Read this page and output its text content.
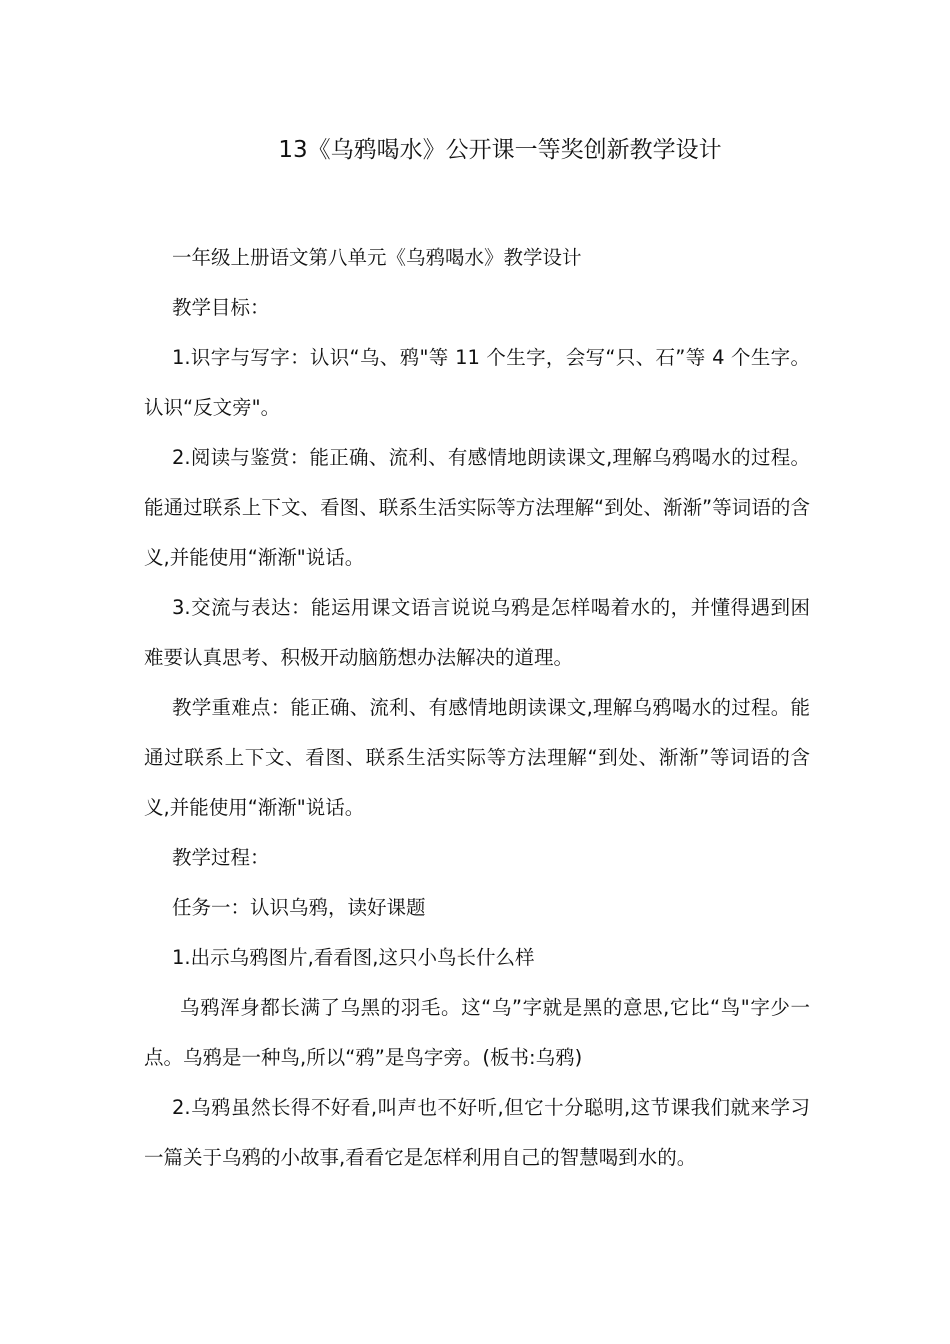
13《乌鸦喝水》公开课一等奖创新教学设计

一年级上册语文第八单元《乌鸦喝水》教学设计

教学目标：

1.识字与写字：认识“乌、鸦"等 11 个生字，会写“只、石”等 4 个生字。认识“反文旁"。

2.阅读与鉴赏：能正确、流利、有感情地朗读课文,理解乌鸦喝水的过程。能通过联系上下文、看图、联系生活实际等方法理解“到处、渐渐”等词语的含义,并能使用“渐渐"说话。

3.交流与表达：能运用课文语言说说乌鸦是怎样喝着水的，并懂得遇到困难要认真思考、积极开动脑筋想办法解决的道理。

教学重难点：能正确、流利、有感情地朗读课文,理解乌鸦喝水的过程。能通过联系上下文、看图、联系生活实际等方法理解“到处、渐渐”等词语的含义,并能使用“渐渐"说话。

教学过程：

任务一：认识乌鸦，读好课题

1.出示乌鸦图片,看看图,这只小鸟长什么样

乌鸦浑身都长满了乌黑的羽毛。这“乌”字就是黑的意思,它比“鸟"字少一点。乌鸦是一种鸟,所以“鸦”是鸟字旁。(板书:乌鸦)

2.乌鸦虽然长得不好看,叫声也不好听,但它十分聪明,这节课我们就来学习一篇关于乌鸦的小故事,看看它是怎样利用自己的智慧喝到水的。
